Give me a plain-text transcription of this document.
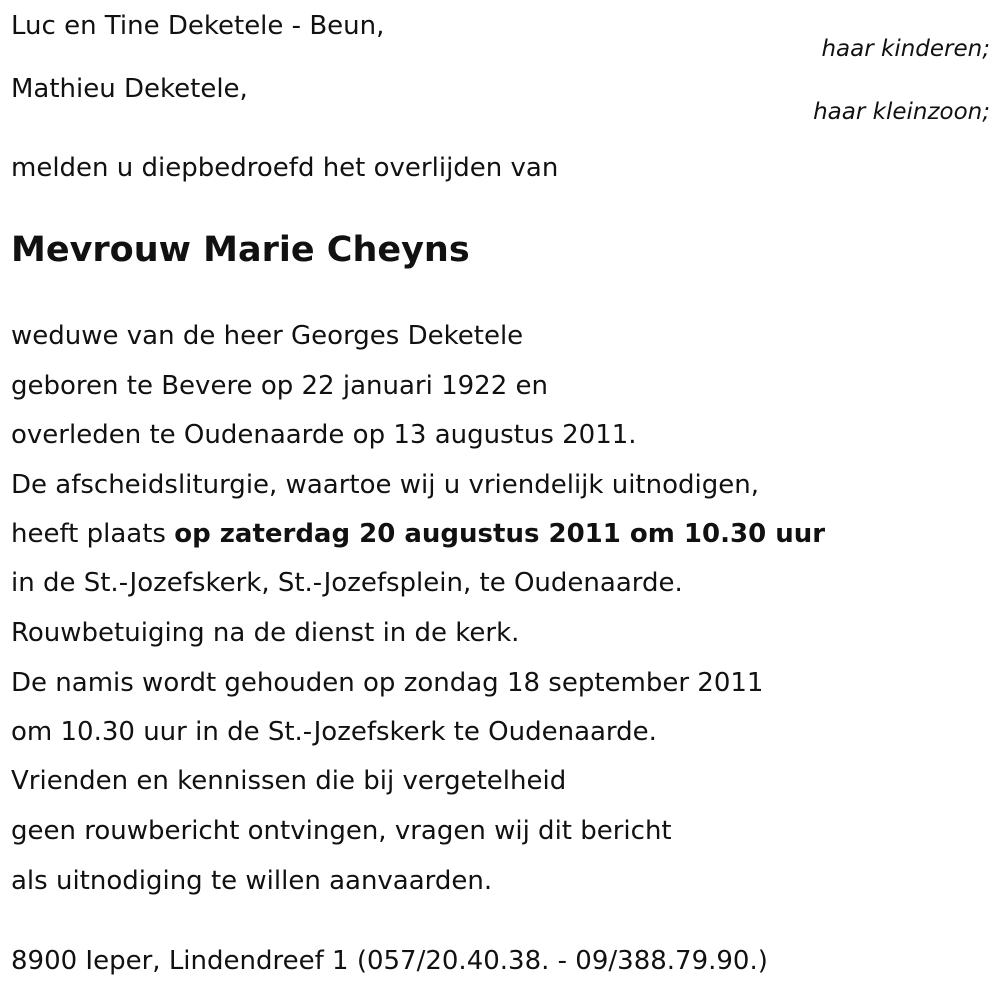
Luc en Tine Deketele - Beun,
haar kinderen;
Mathieu Deketele,
haar kleinzoon;
melden u diepbedroefd het overlijden van
Mevrouw Marie Cheyns
weduwe van de heer Georges Deketele
geboren te Bevere op 22 januari 1922 en
overleden te Oudenaarde op 13 augustus 2011.
De afscheidsliturgie, waartoe wij u vriendelijk uitnodigen,
heeft plaats op zaterdag 20 augustus 2011 om 10.30 uur
in de St.-Jozefskerk, St.-Jozefsplein, te Oudenaarde.
Rouwbetuiging na de dienst in de kerk.
De namis wordt gehouden op zondag 18 september 2011
om 10.30 uur in de St.-Jozefskerk te Oudenaarde.
Vrienden en kennissen die bij vergetelheid
geen rouwbericht ontvingen, vragen wij dit bericht
als uitnodiging te willen aanvaarden.
8900 Ieper, Lindendreef 1 (057/20.40.38. - 09/388.79.90.)
